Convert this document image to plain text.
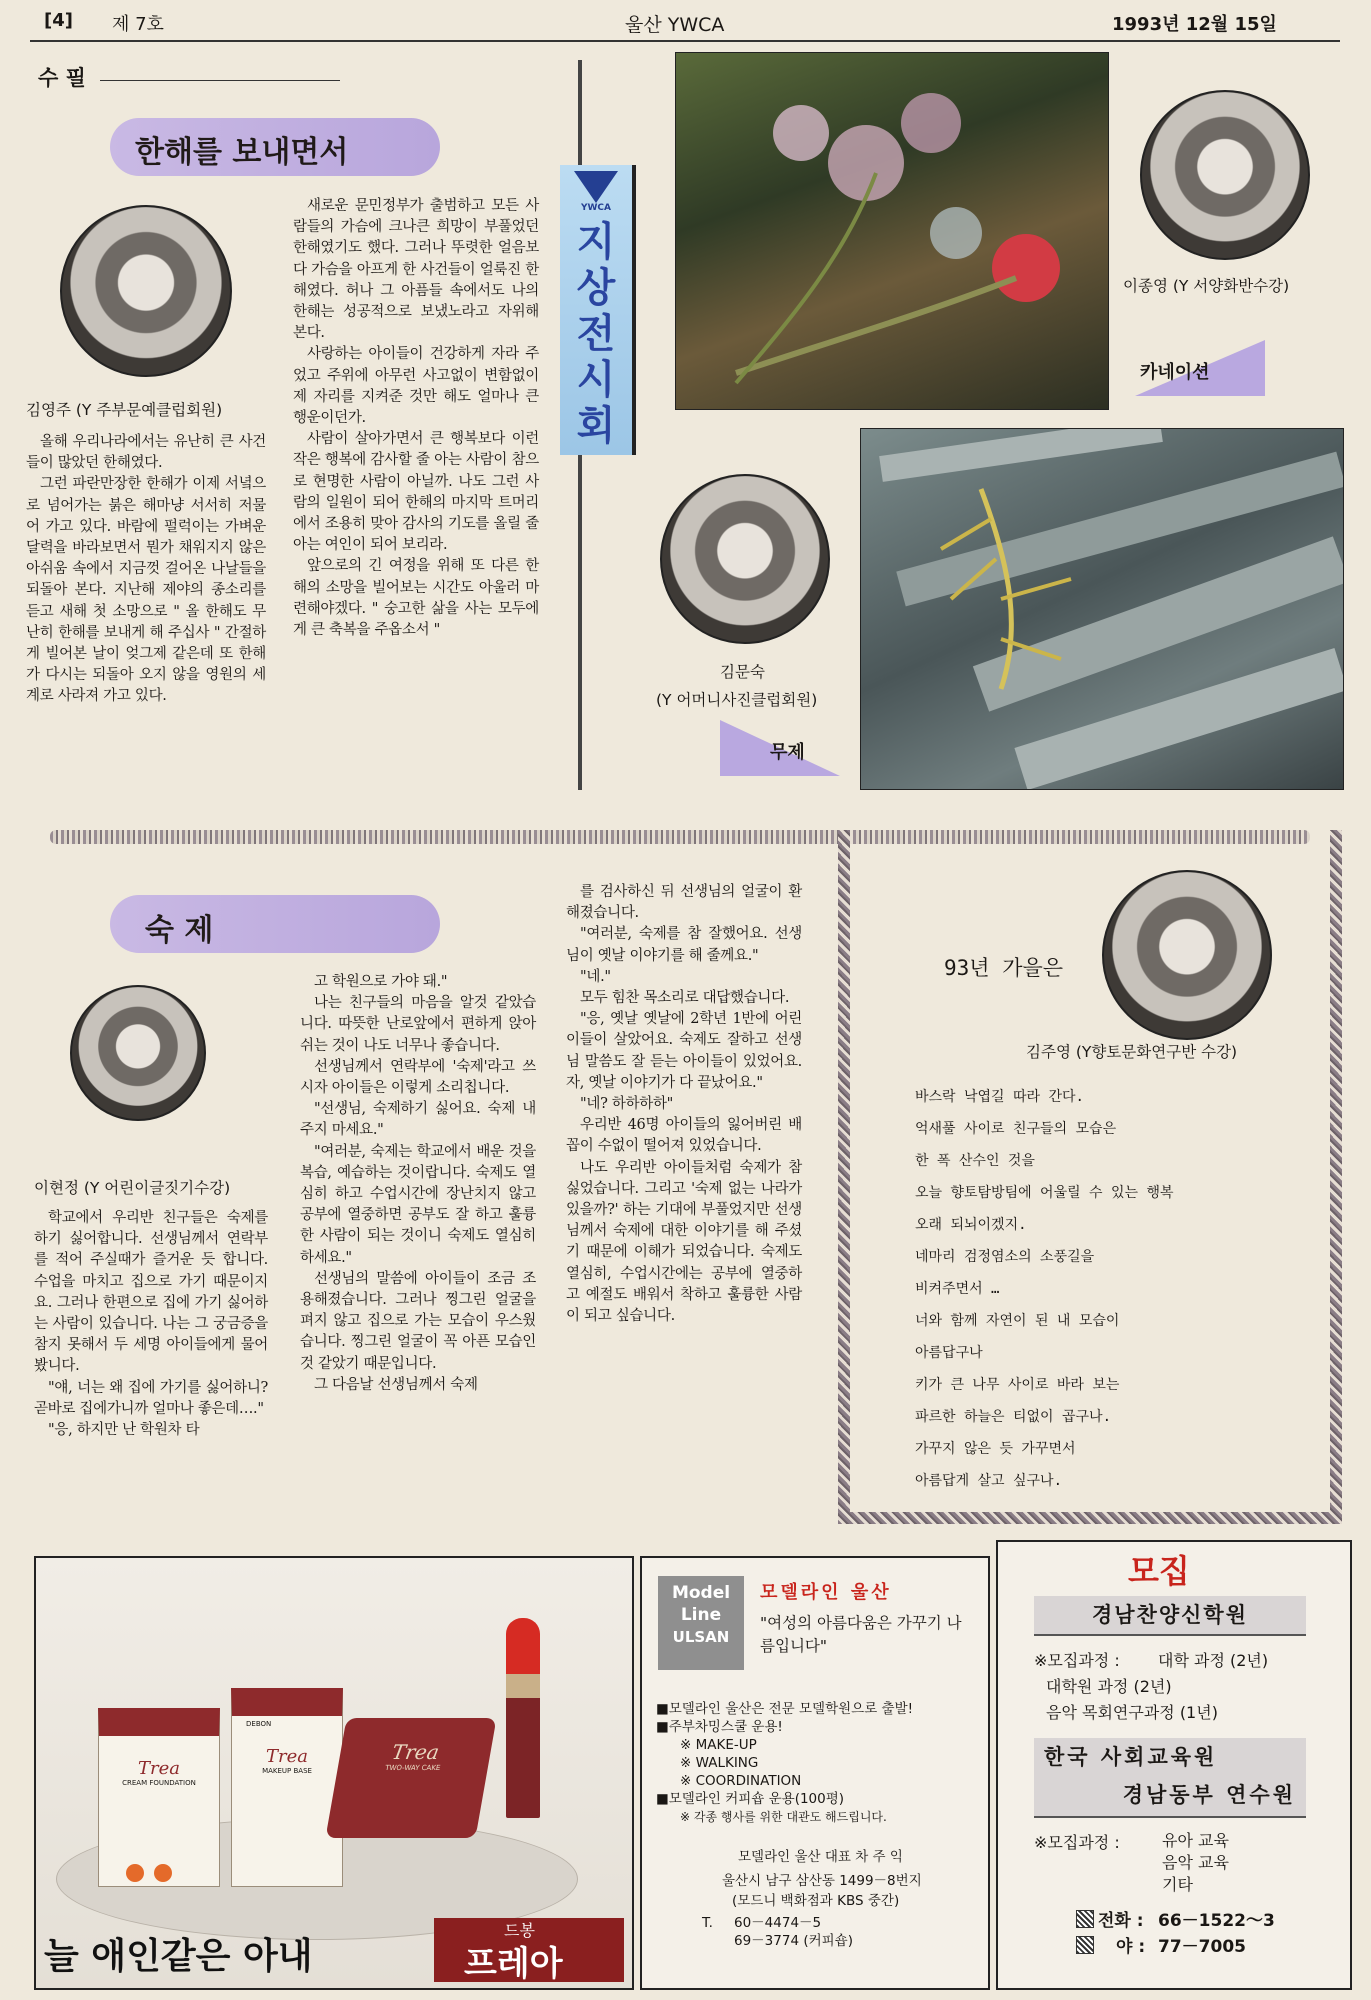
[4] 제 7호	울산 YWCA	1993년 12월 15일
수 필
한해를 보내면서
김영주 (Y 주부문예클럽회원)

올해 우리나라에서는 유난히 큰 사건들이 많았던 한해였다.

그런 파란만장한 한해가 이제 서녘으로 넘어가는 붉은 해마냥 서서히 저물어 가고 있다. 바람에 펄럭이는 가벼운 달력을 바라보면서 뭔가 채워지지 않은 아쉬움 속에서 지금껏 걸어온 나날들을 되돌아 본다. 지난해 제야의 종소리를 듣고 새해 첫 소망으로 " 올 한해도 무난히 한해를 보내게 해 주십사 " 간절하게 빌어본 날이 엊그제 같은데 또 한해가 다시는 되돌아 오지 않을 영원의 세계로 사라져 가고 있다.

새로운 문민정부가 출범하고 모든 사람들의 가슴에 크나큰 희망이 부풀었던 한해였기도 했다. 그러나 뚜렷한 얼음보다 가슴을 아프게 한 사건들이 얼룩진 한해였다. 허나 그 아픔들 속에서도 나의 한해는 성공적으로 보냈노라고 자위해 본다.

사랑하는 아이들이 건강하게 자라 주었고 주위에 아무런 사고없이 변함없이 제 자리를 지켜준 것만 해도 얼마나 큰 행운이던가.

사람이 살아가면서 큰 행복보다 이런 작은 행복에 감사할 줄 아는 사람이 참으로 현명한 사람이 아닐까. 나도 그런 사람의 일원이 되어 한해의 마지막 트머리에서 조용히 맞아 감사의 기도를 올릴 줄 아는 여인이 되어 보리라.

앞으로의 긴 여정을 위해 또 다른 한 해의 소망을 빌어보는 시간도 아울러 마련해야겠다. " 숭고한 삶을 사는 모두에게 큰 축복을 주옵소서 "

YWCA
지상전시회
이종영 (Y 서양화반수강)
카네이션
김문숙
(Y 어머니사진클럽회원)
무제
숙 제
이현정 (Y 어린이글짓기수강)

학교에서 우리반 친구들은 숙제를 하기 싫어합니다. 선생님께서 연락부를 적어 주실때가 즐거운 듯 합니다. 수업을 마치고 집으로 가기 때문이지요. 그러나 한편으로 집에 가기 싫어하는 사람이 있습니다. 나는 그 궁금증을 참지 못해서 두 세명 아이들에게 물어봤니다.

"얘, 너는 왜 집에 가기를 싫어하니? 곧바로 집에가니까 얼마나 좋은데…."

"응, 하지만 난 학원차 타

고 학원으로 가야 돼."

나는 친구들의 마음을 알것 같았습니다. 따뜻한 난로앞에서 편하게 앉아 쉬는 것이 나도 너무나 좋습니다.

선생님께서 연락부에 '숙제'라고 쓰시자 아이들은 이렇게 소리칩니다.

"선생님, 숙제하기 싫어요. 숙제 내주지 마세요."

"여러분, 숙제는 학교에서 배운 것을 복습, 예습하는 것이랍니다. 숙제도 열심히 하고 수업시간에 장난치지 않고 공부에 열중하면 공부도 잘 하고 훌륭한 사람이 되는 것이니 숙제도 열심히 하세요."

선생님의 말씀에 아이들이 조금 조용해졌습니다. 그러나 찡그린 얼굴을 펴지 않고 집으로 가는 모습이 우스웠습니다. 찡그린 얼굴이 꼭 아픈 모습인것 같았기 때문입니다.

그 다음날 선생님께서 숙제

를 검사하신 뒤 선생님의 얼굴이 환해졌습니다.

"여러분, 숙제를 참 잘했어요. 선생님이 옛날 이야기를 해 줄께요."

"네."

모두 힘찬 목소리로 대답했습니다.

"응, 옛날 옛날에 2학년 1반에 어린이들이 살았어요. 숙제도 잘하고 선생님 말씀도 잘 듣는 아이들이 있었어요. 자, 옛날 이야기가 다 끝났어요."

"네? 하하하하"

우리반 46명 아이들의 잃어버린 배꼽이 수없이 떨어져 있었습니다.

나도 우리반 아이들처럼 숙제가 참 싫었습니다. 그리고 '숙제 없는 나라가 있을까?' 하는 기대에 부풀었지만 선생님께서 숙제에 대한 이야기를 해 주셨기 때문에 이해가 되었습니다. 숙제도 열심히, 수업시간에는 공부에 열중하고 예절도 배워서 착하고 훌륭한 사람이 되고 싶습니다.

93년 가을은
김주영 (Y향토문화연구반 수강)
바스락 낙엽길 따라 간다.
억새풀 사이로 친구들의 모습은
한 폭 산수인 것을
오늘 향토탐방팀에 어울릴 수 있는 행복
오래 되뇌이겠지.
네마리 검정염소의 소풍길을
비켜주면서 …
너와 함께 자연이 된 내 모습이
아름답구나
키가 큰 나무 사이로 바라 보는
파르한 하늘은 티없이 곱구나.
가꾸지 않은 듯 가꾸면서
아름답게 살고 싶구나.
Trea
CREAM FOUNDATION
Trea
MAKEUP BASE
Trea
TWO-WAY CAKE
DEBON
늘 애인같은 아내
드봉
프레아
Model
Line
ULSAN
모델라인 울산
"여성의 아름다움은 가꾸기 나름입니다"
■모델라인 울산은 전문 모델학원으로 출발!
■주부차밍스쿨 운용!
※ MAKE-UP
※ WALKING
※ COORDINATION
■모델라인 커피숍 운용(100평)
※ 각종 행사를 위한 대관도 해드립니다.
모델라인 울산 대표 차 주 익
울산시 남구 삼산동 1499－8번지
(모드니 백화점과 KBS 중간)
T. 60－4474－5
69－3774 (커피숍)
모집
경남찬양신학원
※모집과정 :	대학 과정 (2년)
대학원 과정 (2년)
음악 목회연구과정 (1년)
한국 사회교육원
경남동부 연수원
※모집과정 :	유아 교육
음악 교육
기타
전화 : 66－1522～3
야 : 77－7005
